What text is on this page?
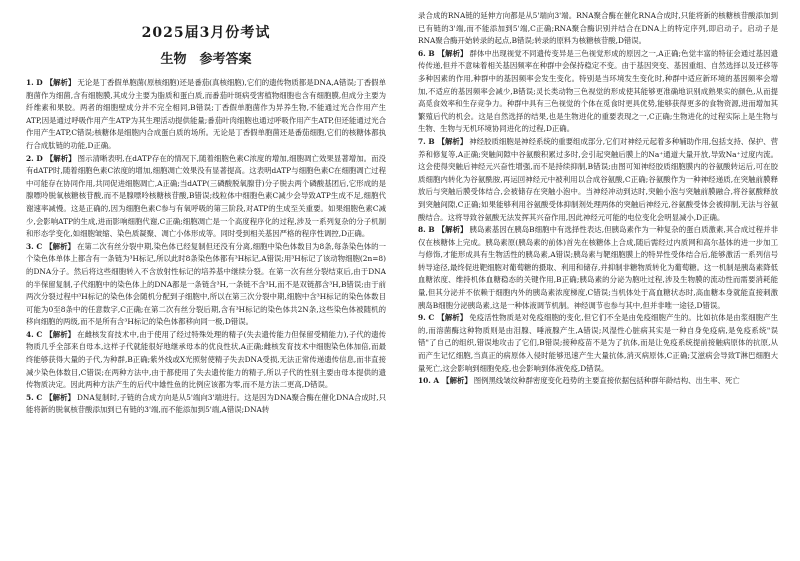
2025届3月份考试

生物　参考答案

1. D 【解析】 无论是丁香假单胞菌(原核细胞)还是番茄(真核细胞),它们的遗传物质都是DNA,A错误;丁香假单胞菌作为细菌,含有细胞膜,其成分主要为脂质和蛋白质,而番茄叶斑病受害植物细胞也含有细胞膜,但成分主要为纤维素和果胶。两者的细胞壁成分并不完全相同,B错误;丁香假单胞菌作为异养生物,不能通过光合作用产生ATP,因是通过呼吸作用产生ATP为其生理活动提供能量;番茄叶肉细胞也通过呼吸作用产生ATP,但还能通过光合作用产生ATP,C错误;核糖体是细胞内合成蛋白质的场所。无论是丁香假单胞菌还是番茄细胞,它们的核糖体都执行合成肽链的功能,D正确。

2. D 【解析】 图示清晰表明,在dATP存在的情况下,随着细胞色素C浓度的增加,细胞凋亡效果显著增加。而没有dATP时,随着细胞色素C浓度的增加,细胞凋亡效果没有显著提高。这表明dATP与细胞色素C在细胞凋亡过程中可能存在协同作用,共同促进细胞凋亡,A正确;当dATP(三磷酸脱氧腺苷)分子脱去两个磷酸基团后,它形成的是腺嘌呤脱氧核糖核苷酸,而不是腺嘌呤核糖核苷酸,B错误;线粒体中细胞色素C减少会导致ATP生成不足,细胞代谢速率减慢。这是正确的,因为细胞色素C参与有氧呼吸的第三阶段,对ATP的生成至关重要。如果细胞色素C减少,会影响ATP的生成,进而影响细胞代谢,C正确;细胞凋亡是一个高度程序化的过程,涉及一系列复杂的分子机制和形态学变化,如细胞皱缩、染色质凝聚、凋亡小体形成等。同时受到相关基因严格的程序性调控,D正确。

3. C 【解析】 在第二次有丝分裂中期,染色体已经复制但还没有分离,细胞中染色体数目为8条,每条染色体的一个染色体单体上都含有一条链为³H标记,所以此时8条染色体都有³H标记,A错误;用³H标记了该动物细胞(2n=8)的DNA分子。然后将这些细胞转入不含放射性标记的培养基中继续分裂。在第一次有丝分裂结束后,由于DNA的半保留复制,子代细胞中的染色体上的DNA都是一条链含³H,一条链不含³H,而不是双链都含³H,B错误;由于前两次分裂过程中³H标记的染色体会随机分配到子细胞中,所以在第三次分裂中期,细胞中含³H标记的染色体数目可能为0至8条中的任意数字,C正确;在第二次有丝分裂后期,含有³H标记的染色体共2N条,这些染色体被随机的移向细胞的两级,而不是所有含³H标记的染色体都移向同一极,D错误。

4. C 【解析】 在雌核发育技术中,由于使用了经过特殊处理的精子(失去遗传能力但保留受精能力),子代的遗传物质几乎全部来自母本,这样子代就能很好地继承母本的优良性状,A正确;雌核发育技术中细胞染色体加倍,而最终能够获得大量的子代,为种群,B正确;紫外线或X光照射使精子失去DNA受损,无法正常传递遗传信息,而非直接减少染色体数目,C错误;在两种方法中,由于都使用了失去遗传能力的精子,所以子代的性别主要由母本提供的遗传物质决定。因此两种方法产生的后代中雄性鱼的比例应该都为零,而不是方法二更高,D错误。

5. C 【解析】 DNA复制时,子链的合成方向是从5'端向3'端进行。这是因为DNA聚合酶在催化DNA合成时,只能将新的脱氧核苷酸添加到已有链的3'端,而不能添加到5'端,A错误;DNA转

录合成的RNA链的延伸方向都是从5'端向3'端。RNA聚合酶在催化RNA合成时,只能将新的核糖核苷酸添加到已有链的3'端,而不能添加到5'端,C正确;RNA聚合酶识别并结合在DNA上的特定序列,即启动子。启动子是RNA聚合酶开始转录的起点,B错误;转录的原料为核糖核苷酸,D错误。

6. B 【解析】 群体中出现视觉不同遗传变异是三色视觉形成的原因之一,A正确;色觉丰富的特征会通过基因遗传传递,但并不意味着相关基因频率在种群中会保持稳定不变。由于基因突变、基因重组、自然选择以及迁移等多种因素的作用,种群中的基因频率会发生变化。特别是当环境发生变化时,种群中适应新环境的基因频率会增加,不适应的基因频率会减少,B错误;灵长类动物三色视觉的形成使其能够更准确地识别成熟果实的颜色,从而提高觅食效率和生存竞争力。种群中具有三色视觉的个体在觅食时更具优势,能够获得更多的食物资源,进而增加其繁殖后代的机会。这是自然选择的结果,也是生物进化的重要表现之一,C正确;生物进化的过程实际上是生物与生物、生物与无机环境协同进化的过程,D正确。

7. B 【解析】 神经胶质细胞是神经系统的重要组成部分,它们对神经元起着多种辅助作用,包括支持、保护、营养和修复等,A正确;突触间隙中谷氨酸积累过多时,会引起突触后膜上的Na⁺通道大量开放,导致Na⁺过度内流。这会使得突触后神经元兴奋性增强,而不是持续抑制,B错误;由图可知神经胶质细胞膜内的谷氨酸转运后,可在胶质细胞内转化为谷氨酰胺,再运回神经元中被利用以合成谷氨酸,C正确;谷氨酸作为一种神经递质,在突触前膜释放后与突触后膜受体结合,会被储存在突触小泡中。当神经冲动到达时,突触小泡与突触前膜融合,将谷氨酸释放到突触间隙,C正确;如果能够利用谷氨酸受体抑制剂处理两体的突触后神经元,谷氨酸受体会被抑制,无法与谷氨酸结合。这将导致谷氨酸无法发挥其兴奋作用,因此神经元可能的电位变化会明显减小,D正确。

8. B 【解析】 胰岛素基因在胰岛B细胞中有选择性表达,但胰岛素作为一种复杂的蛋白质激素,其合成过程并非仅在核糖体上完成。胰岛素原(胰岛素的前体)首先在核糖体上合成,随后需经过内质网和高尔基体的进一步加工与修饰,才能形成具有生物活性的胰岛素,A错误;胰岛素与靶细胞膜上的特异性受体结合后,能够激活一系列信号转导途径,最终促进靶细胞对葡萄糖的摄取、利用和储存,并抑制非糖物质转化为葡萄糖。这一机制是胰岛素降低血糖浓度、维持机体血糖稳态的关键作用,B正确;胰岛素的分泌为胞吐过程,涉及生物膜的流动性而需要消耗能量,但其分泌并不依赖于细胞内外的胰岛素浓度梯度,C错误;当机体处于高血糖状态时,高血糖本身就能直接刺激胰岛B细胞分泌胰岛素,这是一种体液调节机制。神经调节也参与其中,但并非唯一途径,D错误。

9. C 【解析】 免疫活性物质是对免疫细胞的变化,但它们不全是由免疫细胞产生的。比如抗体是由浆细胞产生的,而溶菌酶这种物质则是由泪腺、唾液腺产生,A错误;风湿性心脏病其实是一种自身免疫病,是免疫系统"误错"了自己的组织,错误地攻击了它们,B错误;接种疫苗不是为了抗体,而是让免疫系统提前接触病原体的抗原,从而产生记忆细胞,当真正的病原体入侵时能够迅速产生大量抗体,消灭病原体,C正确;艾滋病会导致T淋巴细胞大量死亡,这会影响到细胞免疫,也会影响到体液免疫,D错误。

10. A 【解析】 图例黑线皱纹种群密度变化趋势的主要直接依据包括种群年龄结构、出生率、死亡
